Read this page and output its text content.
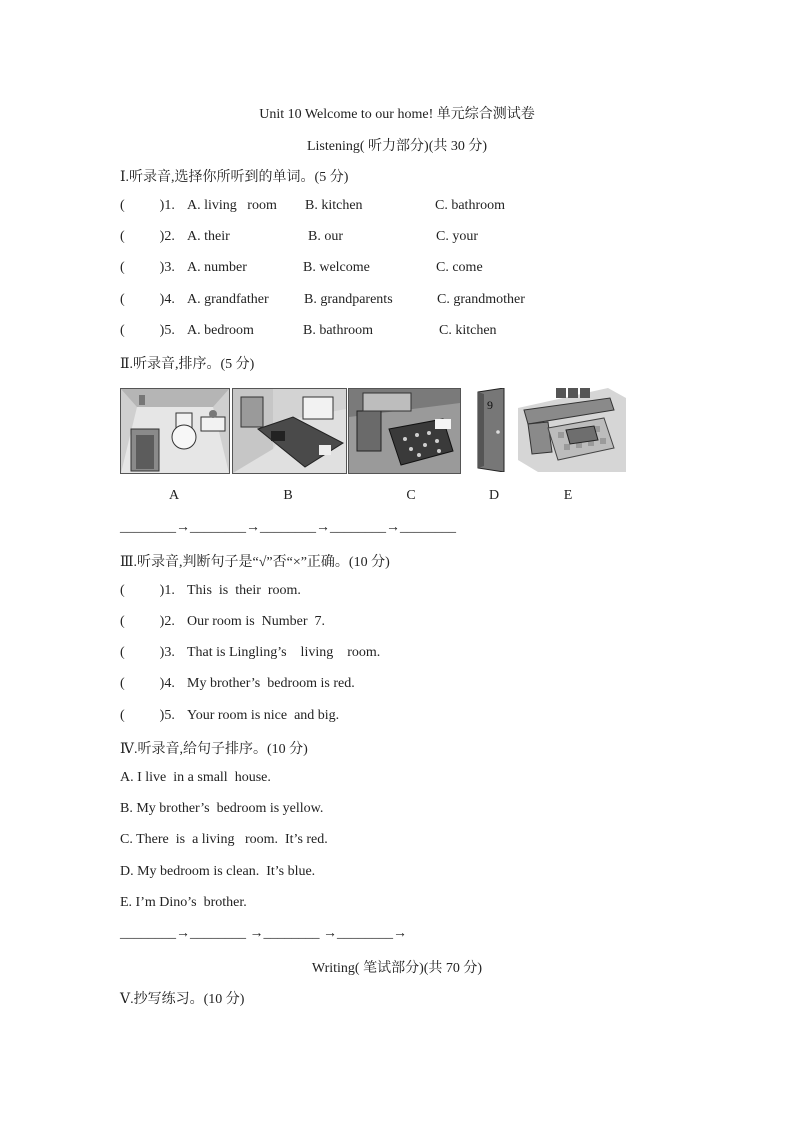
Unit 10 Welcome to our home! 单元综合测试卷
Listening( 听力部分)(共 30 分)
Ⅰ.听录音,选择你所听到的单词。(5 分)
(          )1. A. living   room B. kitchen	C. bathroom
(          )2. A. their	B. our	C. your
(          )3. A. number	B. welcome	C. come
(          )4. A. grandfather	B. grandparents	C. grandmother
(          )5. A. bedroom	B. bathroom	C. kitchen
Ⅱ.听录音,排序。(5 分)
9
A	B	C	D	E
________→________→________→________→________
Ⅲ.听录音,判断句子是“√”否“×”正确。(10 分)
(          )1. This  is  their  room.
(          )2. Our room is  Number  7.
(          )3. That is Lingling’s    living    room.
(          )4. My brother’s  bedroom is red.
(          )5. Your room is nice  and big.
Ⅳ.听录音,给句子排序。(10 分)
A. I live  in a small  house.
B. My brother’s  bedroom is yellow.
C. There  is  a living   room.  It’s red.
D. My bedroom is clean.  It’s blue.
E. I’m Dino’s  brother.
________→________ →________ →________→
Writing( 笔试部分)(共 70 分)
Ⅴ.抄写练习。(10 分)
